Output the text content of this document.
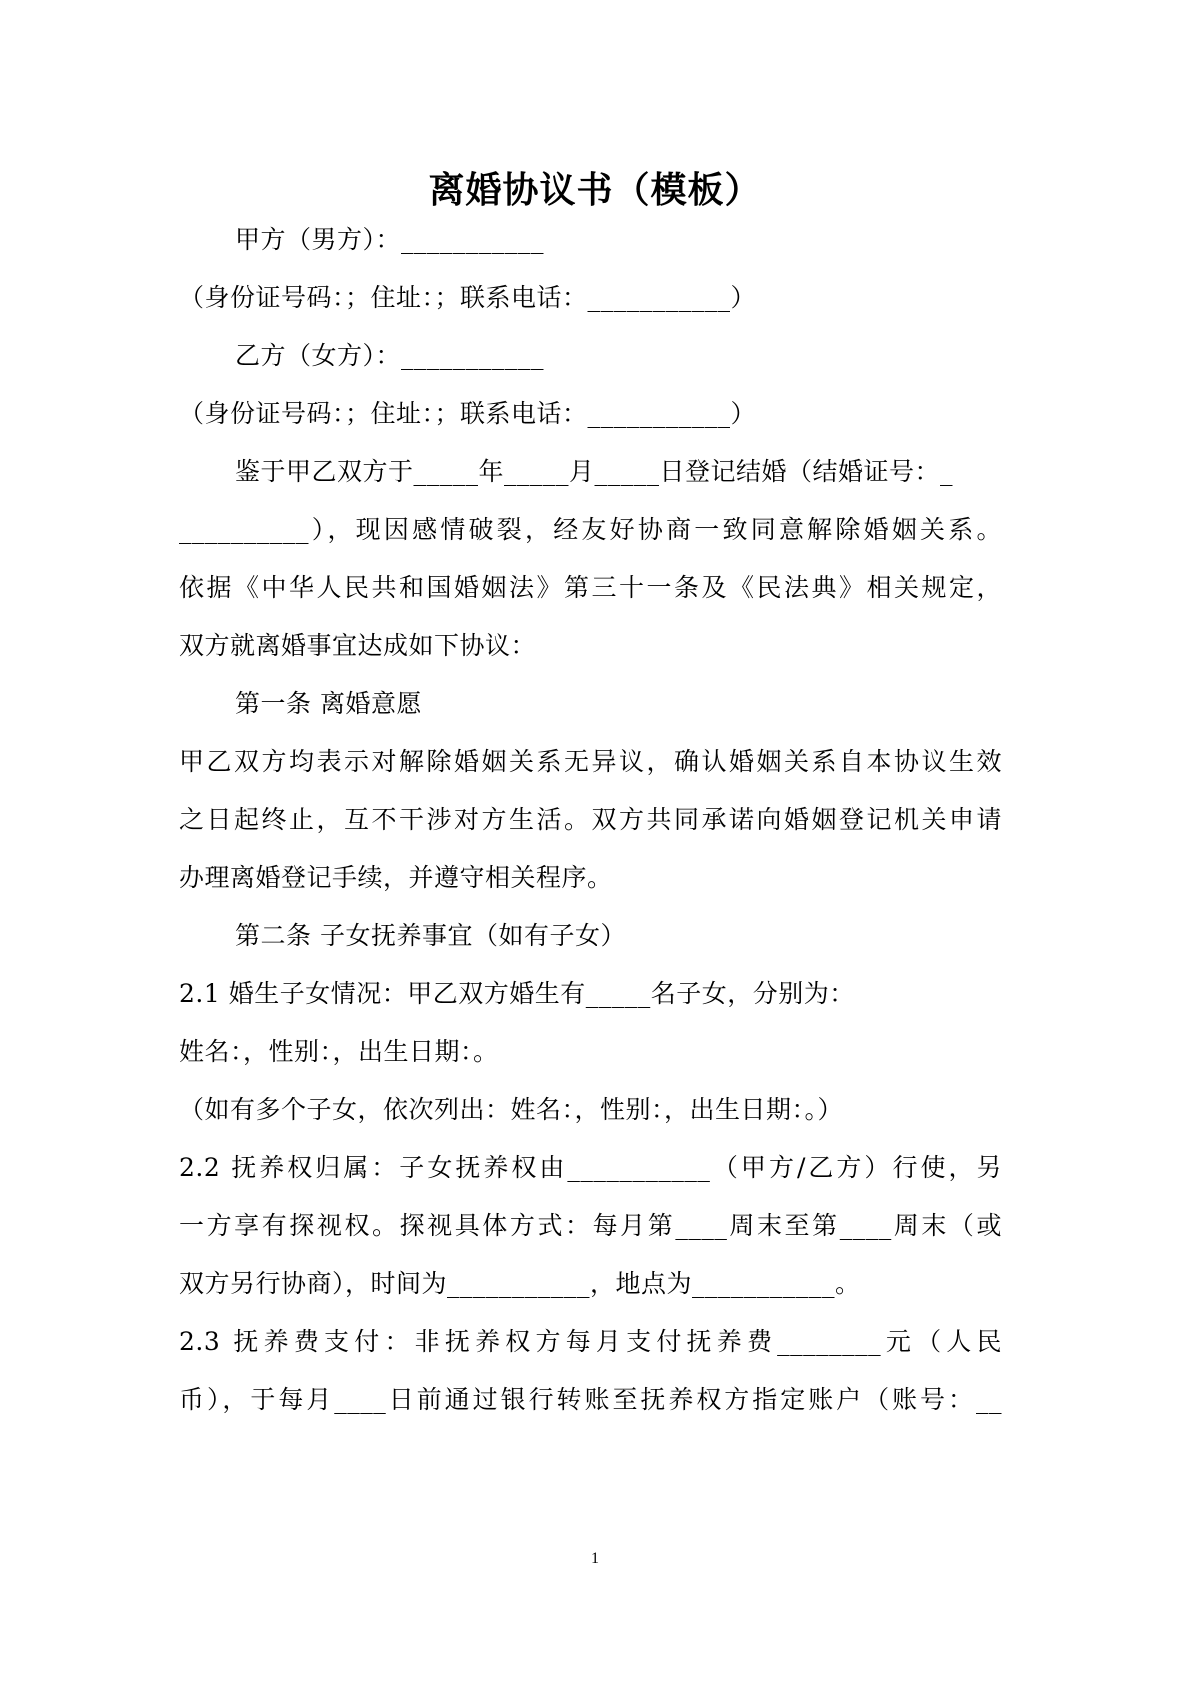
离婚协议书（模板）
甲方（男方）：___________
（身份证号码：；住址：；联系电话：___________）
乙方（女方）：___________
（身份证号码：；住址：；联系电话：___________）
鉴于甲乙双方于_____年_____月_____日登记结婚（结婚证号：_
__________），现因感情破裂，经友好协商一致同意解除婚姻关系。
依据《中华人民共和国婚姻法》第三十一条及《民法典》相关规定，
双方就离婚事宜达成如下协议：
第一条 离婚意愿
甲乙双方均表示对解除婚姻关系无异议，确认婚姻关系自本协议生效
之日起终止，互不干涉对方生活。双方共同承诺向婚姻登记机关申请
办理离婚登记手续，并遵守相关程序。
第二条 子女抚养事宜（如有子女）
2.1 婚生子女情况：甲乙双方婚生有_____名子女，分别为：
姓名：，性别：，出生日期：。
（如有多个子女，依次列出：姓名：，性别：，出生日期：。）
2.2 抚养权归属：子女抚养权由___________（甲方/乙方）行使，另
一方享有探视权。探视具体方式：每月第____周末至第____周末（或
双方另行协商），时间为___________，地点为___________。
2.3 抚养费支付：非抚养权方每月支付抚养费________元（人民
币），于每月____日前通过银行转账至抚养权方指定账户（账号：__
1
